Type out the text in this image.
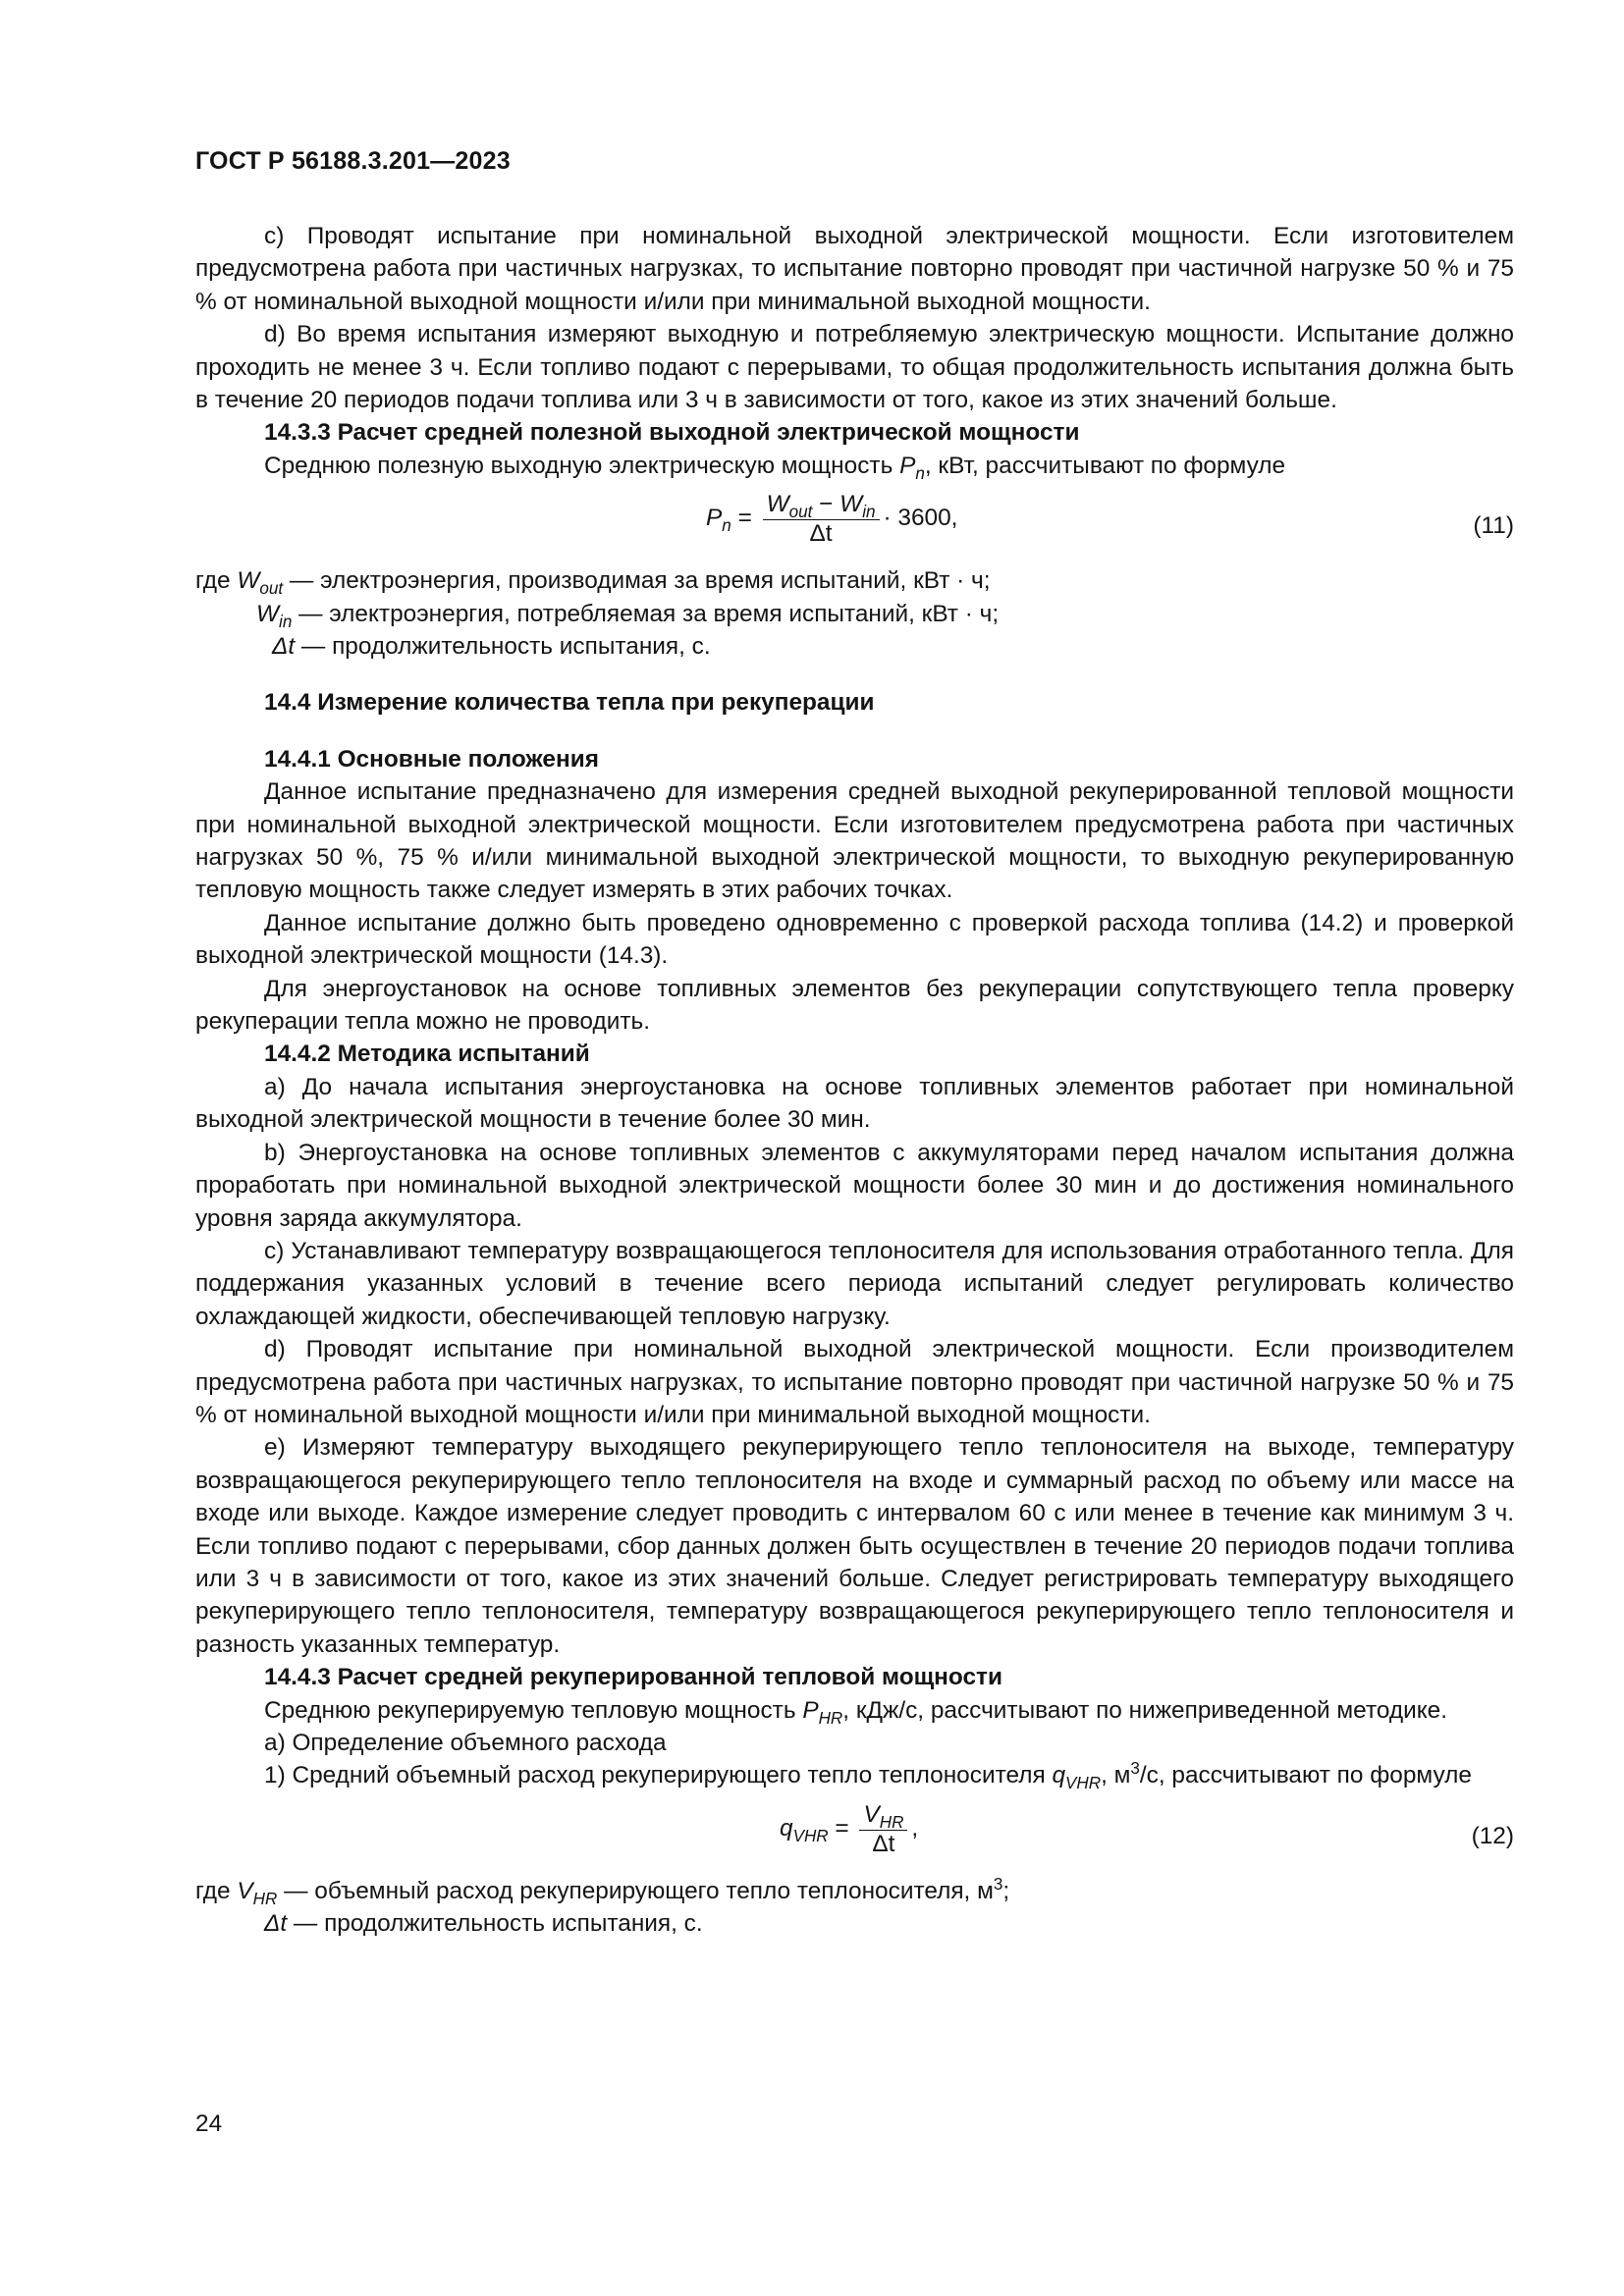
ГОСТ Р 56188.3.201—2023

c) Проводят испытание при номинальной выходной электрической мощности. Если изготовителем предусмотрена работа при частичных нагрузках, то испытание повторно проводят при частичной нагрузке 50 % и 75 % от номинальной выходной мощности и/или при минимальной выходной мощности.

d) Во время испытания измеряют выходную и потребляемую электрическую мощности. Испытание должно проходить не менее 3 ч. Если топливо подают с перерывами, то общая продолжительность испытания должна быть в течение 20 периодов подачи топлива или 3 ч в зависимости от того, какое из этих значений больше.

14.3.3 Расчет средней полезной выходной электрической мощности

Среднюю полезную выходную электрическую мощность $P_n$, кВт, рассчитывают по формуле

$P_n = \frac{W_{out} - W_{in}}{\Delta t} \cdot 3600$,	(11)
где $W_{out}$ — электроэнергия, производимая за время испытаний, кВт · ч;
$W_{in}$ — электроэнергия, потребляемая за время испытаний, кВт · ч;
Δt — продолжительность испытания, с.

14.4 Измерение количества тепла при рекуперации

14.4.1 Основные положения

Данное испытание предназначено для измерения средней выходной рекуперированной тепловой мощности при номинальной выходной электрической мощности. Если изготовителем предусмотрена работа при частичных нагрузках 50 %, 75 % и/или минимальной выходной электрической мощности, то выходную рекуперированную тепловую мощность также следует измерять в этих рабочих точках.

Данное испытание должно быть проведено одновременно с проверкой расхода топлива (14.2) и проверкой выходной электрической мощности (14.3).

Для энергоустановок на основе топливных элементов без рекуперации сопутствующего тепла проверку рекуперации тепла можно не проводить.

14.4.2 Методика испытаний

a) До начала испытания энергоустановка на основе топливных элементов работает при номинальной выходной электрической мощности в течение более 30 мин.

b) Энергоустановка на основе топливных элементов с аккумуляторами перед началом испытания должна проработать при номинальной выходной электрической мощности более 30 мин и до достижения номинального уровня заряда аккумулятора.

c) Устанавливают температуру возвращающегося теплоносителя для использования отработанного тепла. Для поддержания указанных условий в течение всего периода испытаний следует регулировать количество охлаждающей жидкости, обеспечивающей тепловую нагрузку.

d) Проводят испытание при номинальной выходной электрической мощности. Если производителем предусмотрена работа при частичных нагрузках, то испытание повторно проводят при частичной нагрузке 50 % и 75 % от номинальной выходной мощности и/или при минимальной выходной мощности.

e) Измеряют температуру выходящего рекуперирующего тепло теплоносителя на выходе, температуру возвращающегося рекуперирующего тепло теплоносителя на входе и суммарный расход по объему или массе на входе или выходе. Каждое измерение следует проводить с интервалом 60 с или менее в течение как минимум 3 ч. Если топливо подают с перерывами, сбор данных должен быть осуществлен в течение 20 периодов подачи топлива или 3 ч в зависимости от того, какое из этих значений больше. Следует регистрировать температуру выходящего рекуперирующего тепло теплоносителя, температуру возвращающегося рекуперирующего тепло теплоносителя и разность указанных температур.

14.4.3 Расчет средней рекуперированной тепловой мощности

Среднюю рекуперируемую тепловую мощность $P_{HR}$, кДж/с, рассчитывают по нижеприведенной методике.

a) Определение объемного расхода

1) Средний объемный расход рекуперирующего тепло теплоносителя $q_{VHR}$, $м^3/с$, рассчитывают по формуле

$q_{VHR} = \frac{V_{HR}}{\Delta t}$ ,	(12)
где $V_{HR}$ — объемный расход рекуперирующего тепло теплоносителя, $м^3$;
Δt — продолжительность испытания, с.
24
